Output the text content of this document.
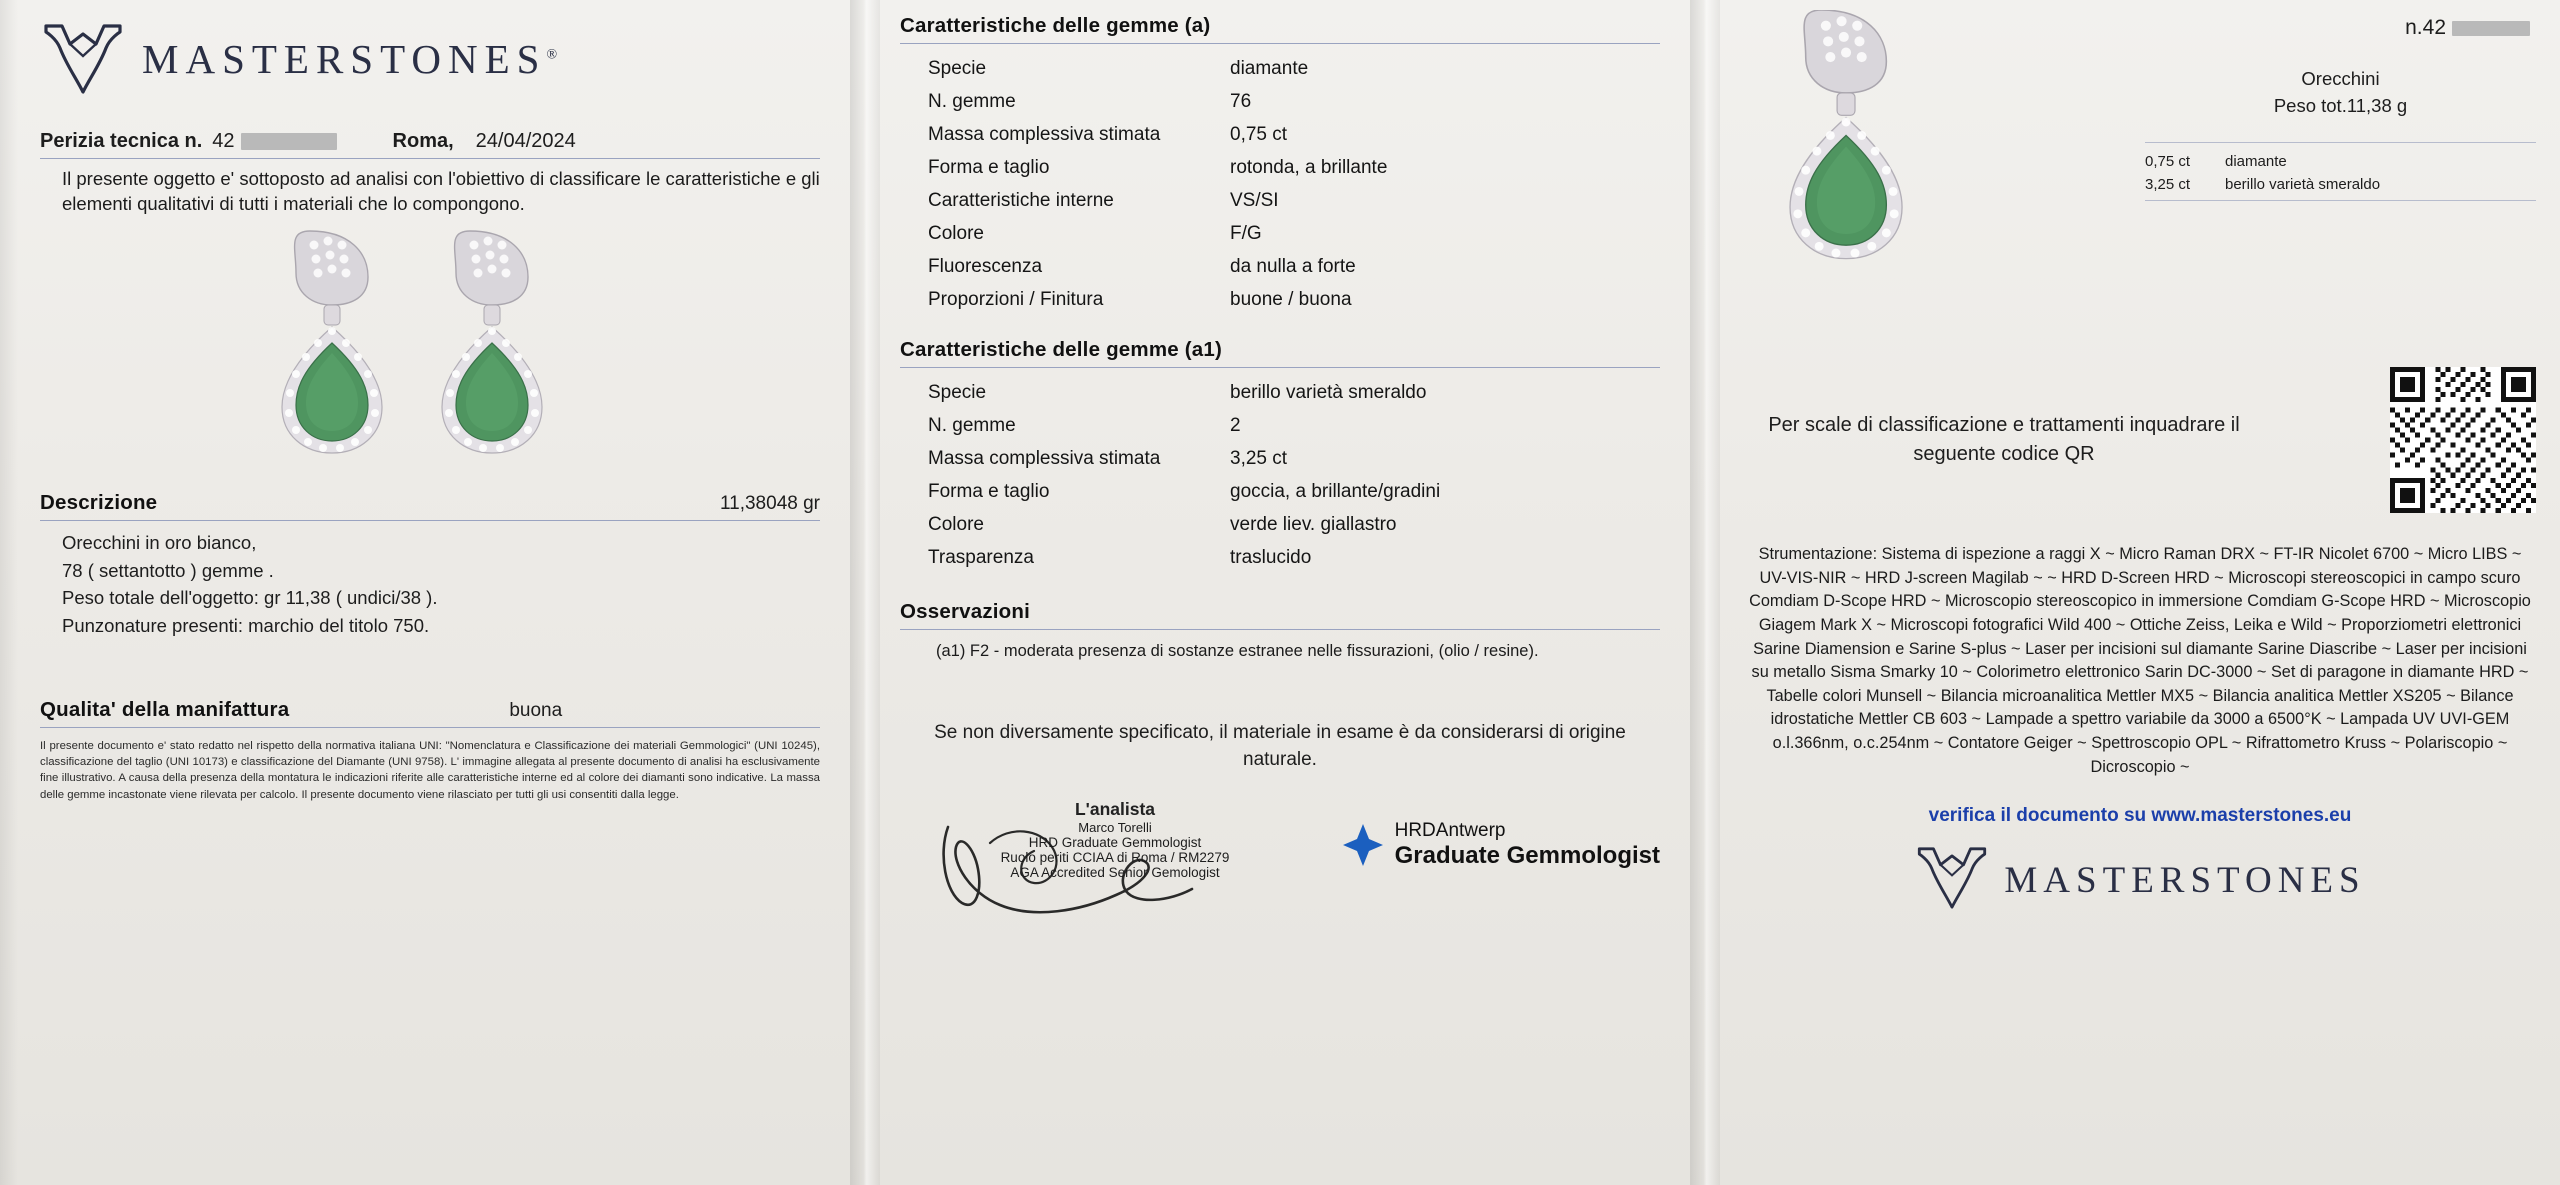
MASTERSTONES®
Perizia tecnica n. 42	Roma, 24/04/2024
Il presente oggetto e' sottoposto ad analisi con l'obiettivo di classificare le caratteristiche e gli elementi qualitativi di tutti i materiali che lo compongono.
Descrizione	11,38048 gr
Orecchini in oro bianco,
78 ( settantotto ) gemme .
Peso totale dell'oggetto: gr 11,38 ( undici/38 ).
Punzonature presenti: marchio del titolo 750.
Qualita' della manifattura	buona
Il presente documento e' stato redatto nel rispetto della normativa italiana UNI: "Nomenclatura e Classificazione dei materiali Gemmologici" (UNI 10245), classificazione del taglio (UNI 10173) e classificazione del Diamante (UNI 9758). L' immagine allegata al presente documento di analisi ha esclusivamente fine illustrativo. A causa della presenza della montatura le indicazioni riferite alle caratteristiche interne ed al colore dei diamanti sono indicative. La massa delle gemme incastonate viene rilevata per calcolo. Il presente documento viene rilasciato per tutti gli usi consentiti dalla legge.
Caratteristiche delle gemme (a)
Specie	diamante
N. gemme	76
Massa complessiva stimata	0,75 ct
Forma e taglio	rotonda, a brillante
Caratteristiche interne	VS/SI
Colore	F/G
Fluorescenza	da nulla a forte
Proporzioni / Finitura	buone / buona
Caratteristiche delle gemme (a1)
Specie	berillo varietà smeraldo
N. gemme	2
Massa complessiva stimata	3,25 ct
Forma e taglio	goccia, a brillante/gradini
Colore	verde liev. giallastro
Trasparenza	traslucido
Osservazioni
(a1) F2 - moderata presenza di sostanze estranee nelle fissurazioni, (olio / resine).
Se non diversamente specificato, il materiale in esame è da considerarsi di origine naturale.
L'analista
Marco Torelli
HRD Graduate Gemmologist
Ruolo periti CCIAA di Roma / RM2279
AGA Accredited Senior Gemologist
HRDAntwerp
Graduate Gemmologist
n.42
Orecchini
Peso tot.11,38 g
0,75 ct	diamante
3,25 ct	berillo varietà smeraldo
Per scale di classificazione e trattamenti inquadrare il seguente codice QR
Strumentazione: Sistema di ispezione a raggi X ~ Micro Raman DRX ~ FT-IR Nicolet 6700 ~ Micro LIBS ~ UV-VIS-NIR ~ HRD J-screen Magilab ~ ~ HRD D-Screen HRD ~ Microscopi stereoscopici in campo scuro Comdiam D-Scope HRD ~ Microscopio stereoscopico in immersione Comdiam G-Scope HRD ~ Microscopio Giagem Mark X ~ Microscopi fotografici Wild 400 ~ Ottiche Zeiss, Leika e Wild ~ Proporziometri elettronici Sarine Diamension e Sarine S-plus ~ Laser per incisioni sul diamante Sarine Diascribe ~ Laser per incisioni su metallo Sisma Smarky 10 ~ Colorimetro elettronico Sarin DC-3000 ~ Set di paragone in diamante HRD ~ Tabelle colori Munsell ~ Bilancia microanalitica Mettler MX5 ~ Bilancia analitica Mettler XS205 ~ Bilance idrostatiche Mettler CB 603 ~ Lampade a spettro variabile da 3000 a 6500°K ~ Lampada UV UVI-GEM o.l.366nm, o.c.254nm ~ Contatore Geiger ~ Spettroscopio OPL ~ Rifrattometro Kruss ~ Polariscopio ~ Dicroscopio ~
verifica il documento su www.masterstones.eu
MASTERSTONES
